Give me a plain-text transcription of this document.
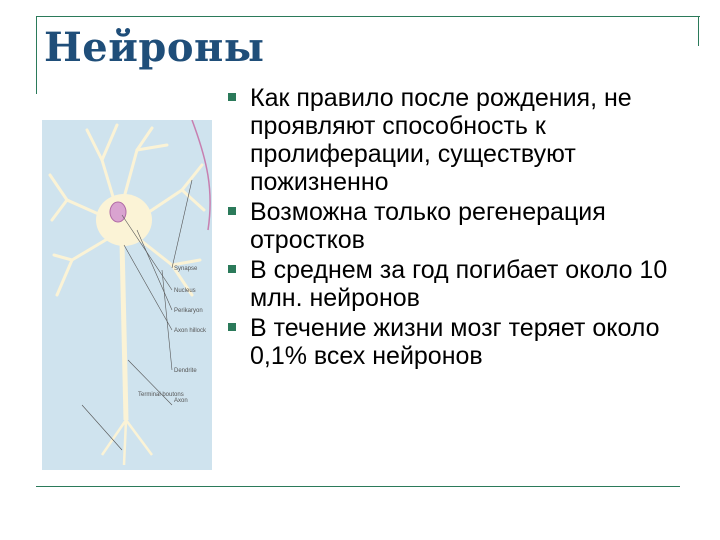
Нейроны
Synapse
Nucleus
Perikaryon
Axon hillock
Dendrite
Axon
Terminal boutons
Как правило после рождения, не проявляют способность к пролиферации, существуют пожизненно
Возможна только регенерация отростков
В среднем за год погибает около 10 млн. нейронов
В течение жизни мозг теряет около 0,1% всех нейронов
